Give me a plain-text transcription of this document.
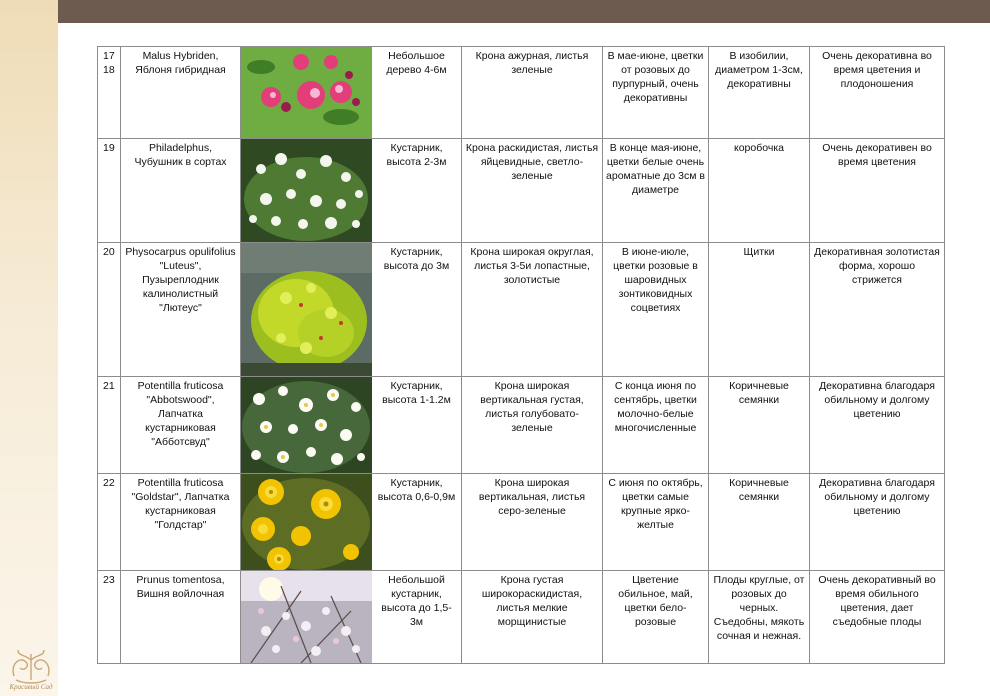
Красивый Сад
17
18	Malus Hybriden, Яблоня гибридная		Небольшое дерево 4-6м	Крона ажурная, листья зеленые	В мае-июне, цветки от розовых до пурпурный, очень декоративны	В изобилии, диаметром 1-3см, декоративны	Очень декоративна во время цветения и плодоношения
19	Philadelphus, Чубушник в сортах		Кустарник, высота 2-3м	Крона раскидистая, листья яйцевидные, светло-зеленые	В конце мая-июне, цветки белые очень ароматные до 3см в диаметре	коробочка	Очень декоративен во время цветения
20	Physocarpus opulifolius "Luteus", Пузыреплодник калинолистный "Лютеус"		Кустарник, высота до 3м	Крона широкая округлая, листья 3-5и лопастные, золотистые	В июне-июле, цветки розовые в шаровидных зонтиковидных соцветиях	Щитки	Декоративная золотистая форма, хорошо стрижется
21	Potentilla fruticosa "Abbotswood", Лапчатка кустарниковая "Абботсвуд"		Кустарник, высота 1-1.2м	Крона широкая вертикальная густая, листья голубовато-зеленые	С конца июня по сентябрь, цветки молочно-белые многочисленные	Коричневые семянки	Декоративна благодаря обильному и долгому цветению
22	Potentilla fruticosa "Goldstar", Лапчатка кустарниковая "Голдстар"		Кустарник, высота 0,6-0,9м	Крона широкая вертикальная, листья серо-зеленые	С июня по октябрь, цветки самые крупные ярко-желтые	Коричневые семянки	Декоративна благодаря обильному и долгому цветению
23	Prunus tomentosa, Вишня войлочная		Небольшой кустарник, высота до 1,5-3м	Крона густая широкораскидистая, листья мелкие морщинистые	Цветение обильное, май, цветки бело-розовые	Плоды круглые, от розовых до черных. Съедобны, мякоть сочная и нежная.	Очень декоративный во время обильного цветения, дает съедобные плоды
